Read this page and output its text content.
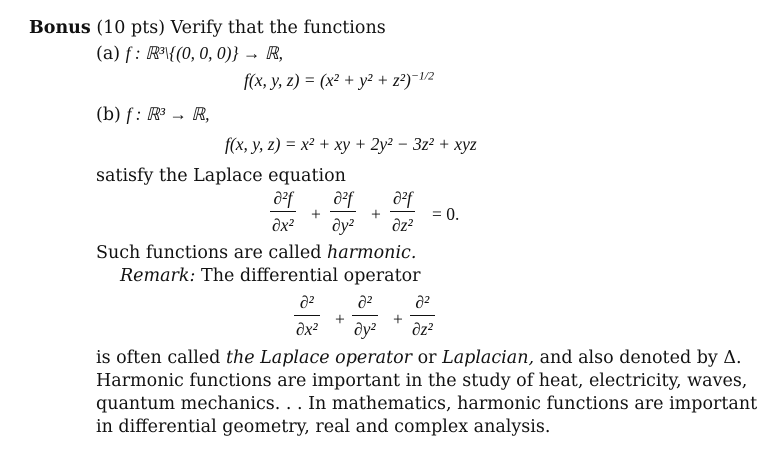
Bonus (10 pts) Verify that the functions
(a) f : ℝ³\{(0, 0, 0)} → ℝ,
f(x, y, $z) = (x^2 + y^2 + z^2)^{-1/2}$
(b) f : ℝ³ → ℝ,
f(x, y, z) = x² + xy + 2y² − 3z² + xyz
satisfy the Laplace equation
$\frac{\text{∂²f}}{\text{∂x²}} + \frac{\text{∂²f}}{\text{∂y²}} + \frac{\text{∂²f}}{\text{∂z²}} = 0$.
Such functions are called harmonic.
Remark: The differential operator
∂²
∂x² +
∂²
∂y² +
∂²
∂z²
is often called the Laplace operator or Laplacian, and also denoted by Δ.
Harmonic functions are important in the study of heat, electricity, waves,
quantum mechanics. . . In mathematics, harmonic functions are important
in differential geometry, real and complex analysis.
